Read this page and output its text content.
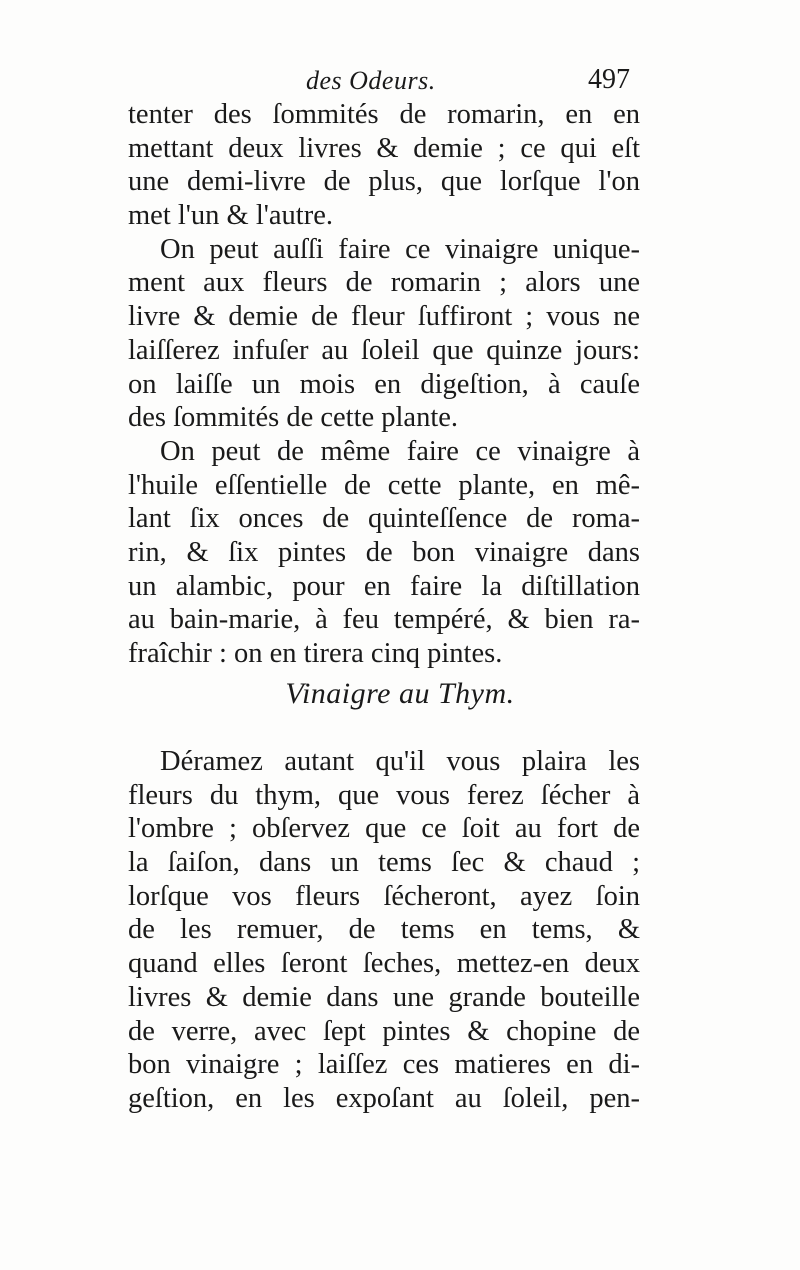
des Odeurs.	497
tenter des ſommités de romarin, en en
mettant deux livres & demie ; ce qui eſt
une demi-livre de plus, que lorſque l'on
met l'un & l'autre.
On peut auſſi faire ce vinaigre unique-
ment aux fleurs de romarin ; alors une
livre & demie de fleur ſuffiront ; vous ne
laiſſerez infuſer au ſoleil que quinze jours:
on laiſſe un mois en digeſtion, à cauſe
des ſommités de cette plante.
On peut de même faire ce vinaigre à
l'huile eſſentielle de cette plante, en mê-
lant ſix onces de quinteſſence de roma-
rin, & ſix pintes de bon vinaigre dans
un alambic, pour en faire la diſtillation
au bain-marie, à feu tempéré, & bien ra-
fraîchir : on en tirera cinq pintes.
Vinaigre au Thym.
Déramez autant qu'il vous plaira les
fleurs du thym, que vous ferez ſécher à
l'ombre ; obſervez que ce ſoit au fort de
la ſaiſon, dans un tems ſec & chaud ;
lorſque vos fleurs ſécheront, ayez ſoin
de les remuer, de tems en tems, &
quand elles ſeront ſeches, mettez-en deux
livres & demie dans une grande bouteille
de verre, avec ſept pintes & chopine de
bon vinaigre ; laiſſez ces matieres en di-
geſtion, en les expoſant au ſoleil, pen-
